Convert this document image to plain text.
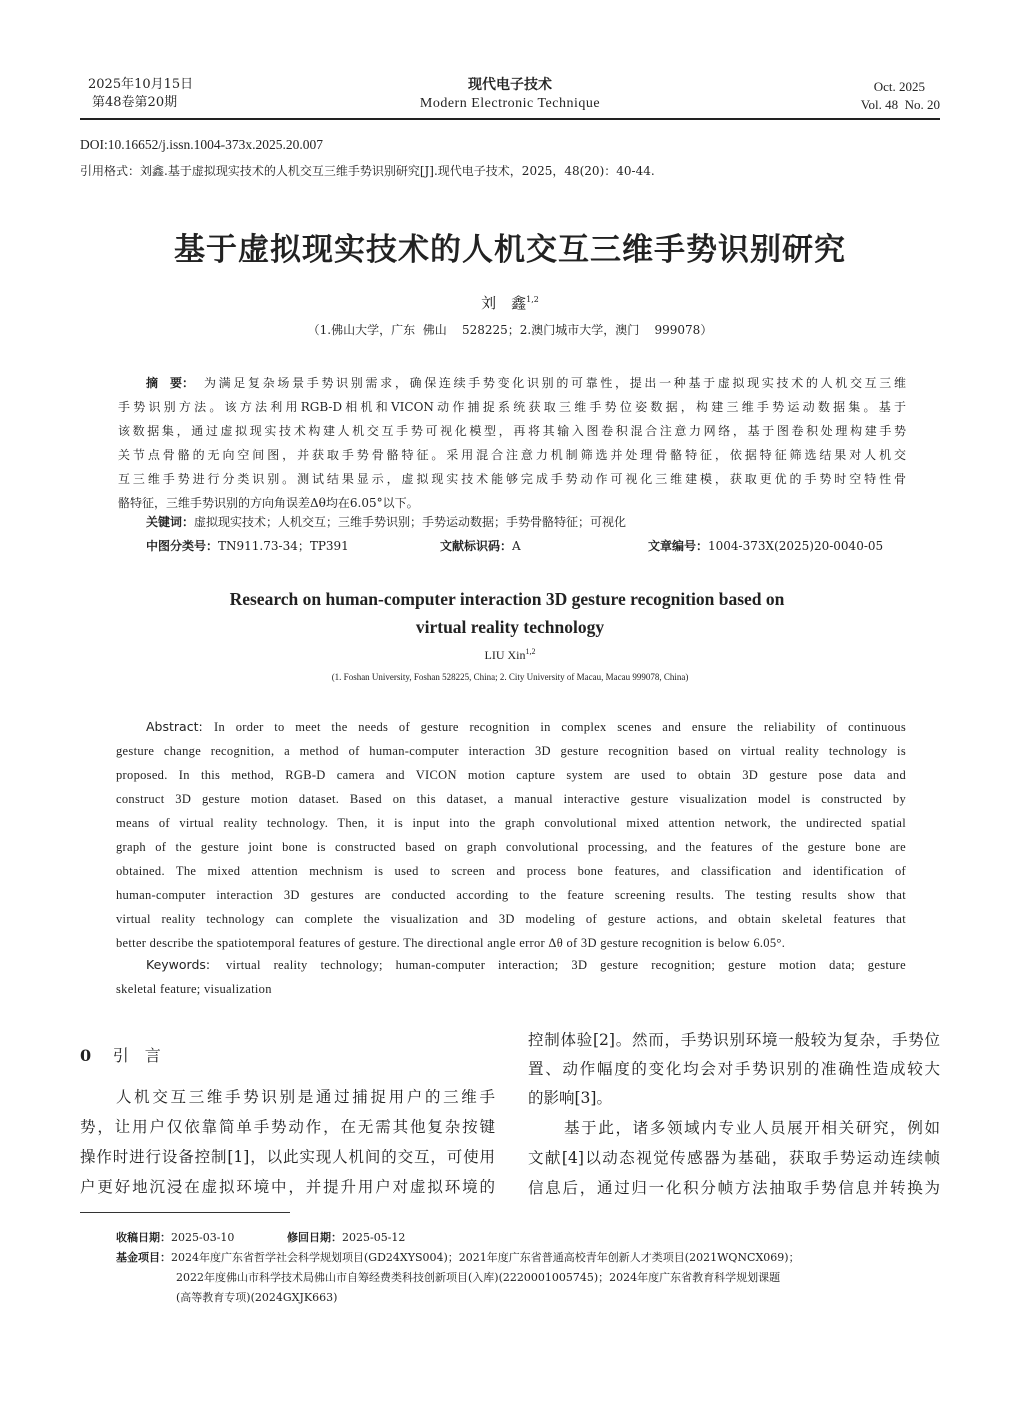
2025年10月15日
第48卷第20期
现代电子技术
Modern Electronic Technique
Oct. 2025
Vol. 48  No. 20
DOI:10.16652/j.issn.1004-373x.2025.20.007
引用格式：刘鑫.基于虚拟现实技术的人机交互三维手势识别研究[J].现代电子技术，2025，48(20)：40-44.
基于虚拟现实技术的人机交互三维手势识别研究
刘　鑫$^{1,2}$
（1.佛山大学，广东  佛山    528225；2.澳门城市大学，澳门    999078）
关键词：虚拟现实技术；人机交互；三维手势识别；手势运动数据；手势骨骼特征；可视化
中图分类号：TN911.73-34；TP391	文献标识码：A	文章编号：1004-373X(2025)20-0040-05
Research on human-computer interaction 3D gesture recognition based on
virtual reality technology
LIU Xin$^{1,2}$
(1. Foshan University, Foshan 528225, China; 2. City University of Macau, Macau 999078, China)
0　 引　言
收稿日期：2025-03-10	修回日期：2025-05-12
基金项目：2024年度广东省哲学社会科学规划项目(GD24XYS004)；2021年度广东省普通高校青年创新人才类项目(2021WQNCX069)；
2022年度佛山市科学技术局佛山市自筹经费类科技创新项目(入库)(2220001005745)；2024年度广东省教育科学规划课题
(高等教育专项)(2024GXJK663)
为满足复杂场景手势识别需求，确保连续手势变化识别的可靠性，提出一种基于虚拟现实技术的人机交互三维
手势识别方法。该方法利用RGB-D相机和VICON动作捕捉系统获取三维手势位姿数据，构建三维手势运动数据集。基于
该数据集，通过虚拟现实技术构建人机交互手势可视化模型，再将其输入图卷积混合注意力网络，基于图卷积处理构建手势
关节点骨骼的无向空间图，并获取手势骨骼特征。采用混合注意力机制筛选并处理骨骼特征，依据特征筛选结果对人机交
互三维手势进行分类识别。测试结果显示，虚拟现实技术能够完成手势动作可视化三维建模，获取更优的手势时空特性骨
骼特征，三维手势识别的方向角误差Δθ均在6.05°以下。
摘　要：
In order to meet the needs of gesture recognition in complex scenes and ensure the reliability of continuous
gesture change recognition, a method of human-computer interaction 3D gesture recognition based on virtual reality technology is
proposed. In this method, RGB-D camera and VICON motion capture system are used to obtain 3D gesture pose data and
construct 3D gesture motion dataset. Based on this dataset, a manual interactive gesture visualization model is constructed by
means of virtual reality technology. Then, it is input into the graph convolutional mixed attention network, the undirected spatial
graph of the gesture joint bone is constructed based on graph convolutional processing, and the features of the gesture bone are
obtained. The mixed attention mechnism is used to screen and process bone features, and classification and identification of
human-computer interaction 3D gestures are conducted according to the feature screening results. The testing results show that
virtual reality technology can complete the visualization and 3D modeling of gesture actions, and obtain skeletal features that
better describe the spatiotemporal features of gesture. The directional angle error Δθ of 3D gesture recognition is below 6.05°.
Abstract:
Keywords: virtual reality technology; human-computer interaction; 3D gesture recognition; gesture motion data; gesture
skeletal feature; visualization
人机交互三维手势识别是通过捕捉用户的三维手
势，让用户仅依靠简单手势动作，在无需其他复杂按键
操作时进行设备控制[1]，以此实现人机间的交互，可使用
户更好地沉浸在虚拟环境中，并提升用户对虚拟环境的
控制体验[2]。然而，手势识别环境一般较为复杂，手势位
置、动作幅度的变化均会对手势识别的准确性造成较大
的影响[3]。
基于此，诸多领域内专业人员展开相关研究，例如
文献[4]以动态视觉传感器为基础，获取手势运动连续帧
信息后，通过归一化积分帧方法抽取手势信息并转换为
